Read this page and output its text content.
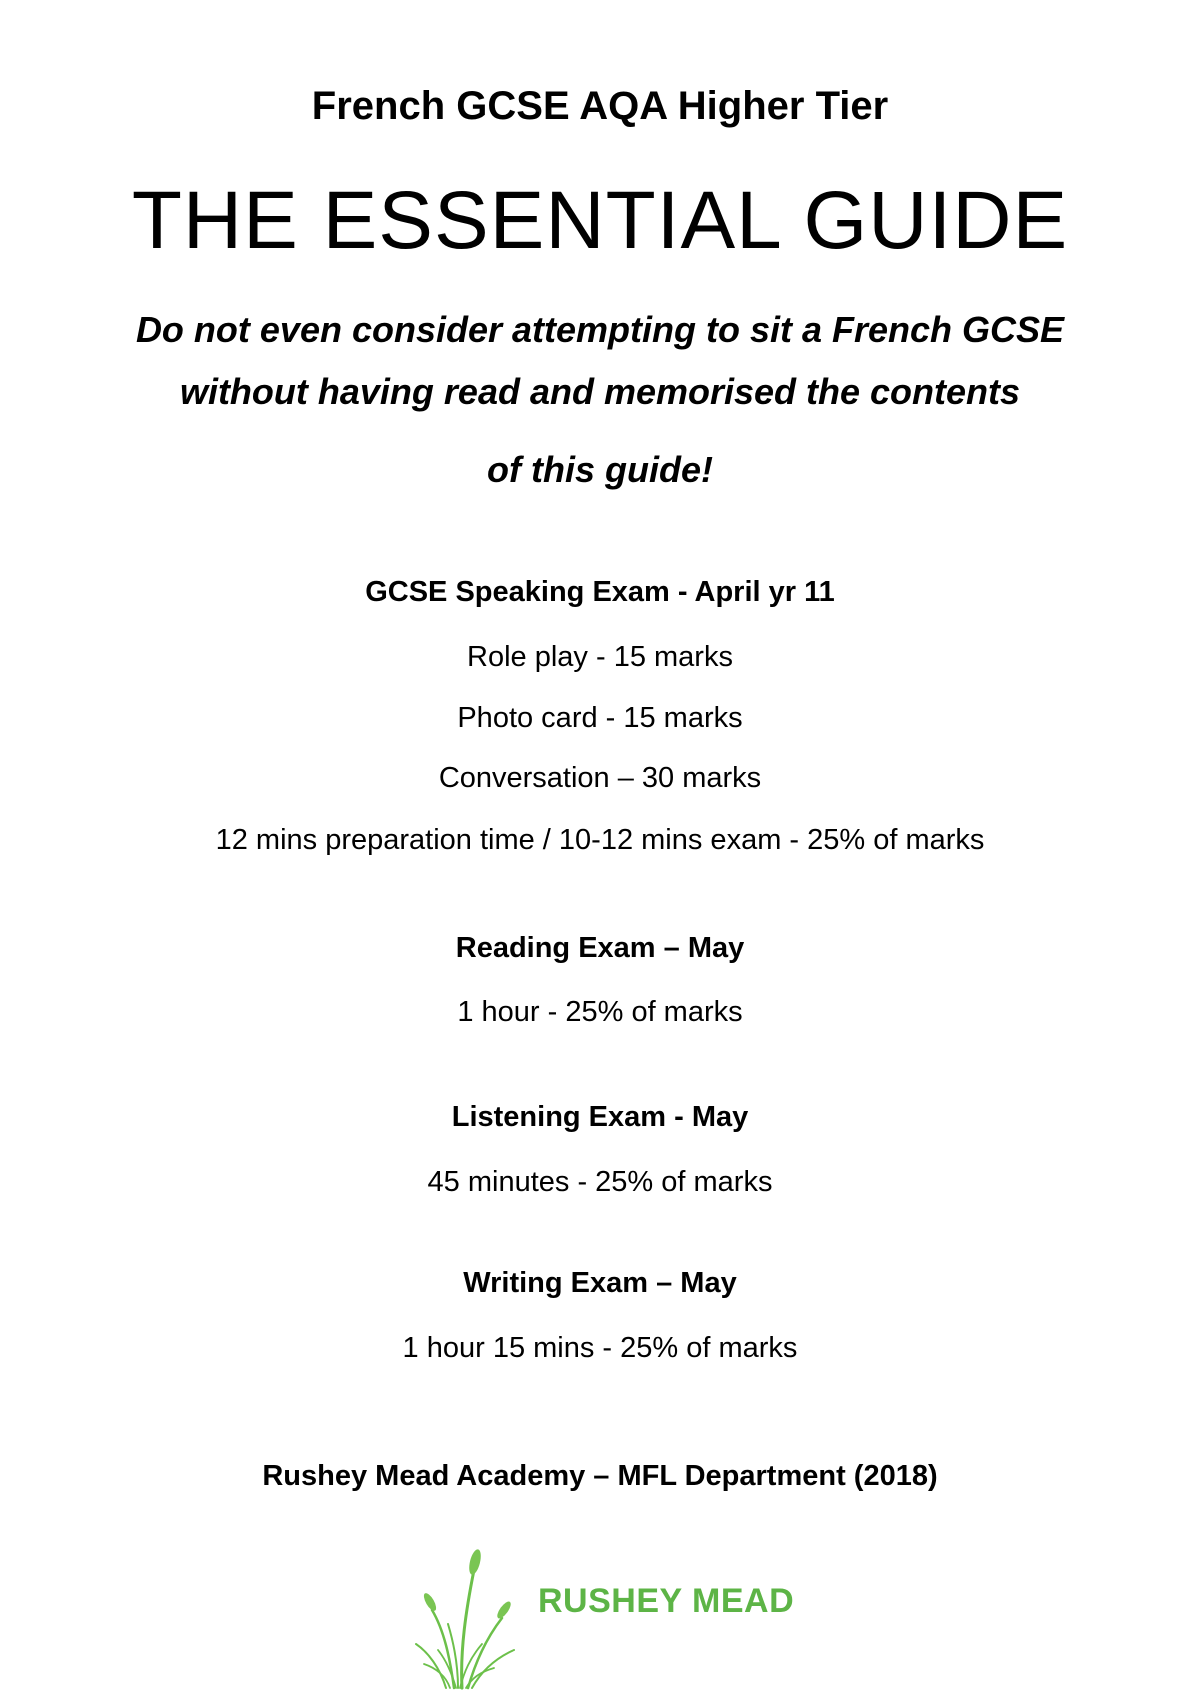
French GCSE AQA Higher Tier
THE ESSENTIAL GUIDE
Do not even consider attempting to sit a French GCSE
without having read and memorised the contents
of this guide!
GCSE Speaking Exam - April yr 11
Role play - 15 marks
Photo card - 15 marks
Conversation – 30 marks
12 mins preparation time / 10-12 mins exam - 25% of marks
Reading Exam – May
1 hour - 25% of marks
Listening Exam - May
45 minutes - 25% of marks
Writing Exam – May
1 hour 15 mins - 25% of marks
Rushey Mead Academy – MFL Department (2018)
RUSHEY MEAD
